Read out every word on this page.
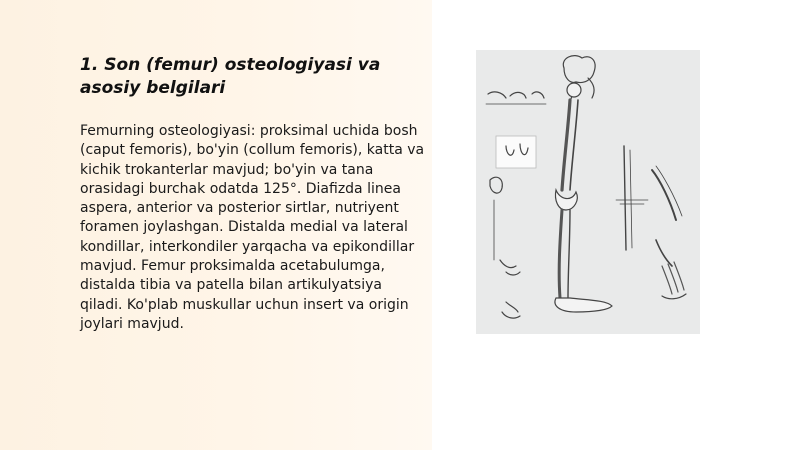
1. Son (femur) osteologiyasi va asosiy belgilari

Femurning osteologiyasi: proksimal uchida bosh (caput femoris), bo'yin (collum femoris), katta va kichik trokanterlar mavjud; bo'yin va tana orasidagi burchak odatda 125°. Diafizda linea aspera, anterior va posterior sirtlar, nutriyent foramen joylashgan. Distalda medial va lateral kondillar, interkondiler yarqacha va epikondillar mavjud. Femur proksimalda acetabulumga, distalda tibia va patella bilan artikulyatsiya qiladi. Ko'plab muskullar uchun insert va origin joylari mavjud.
